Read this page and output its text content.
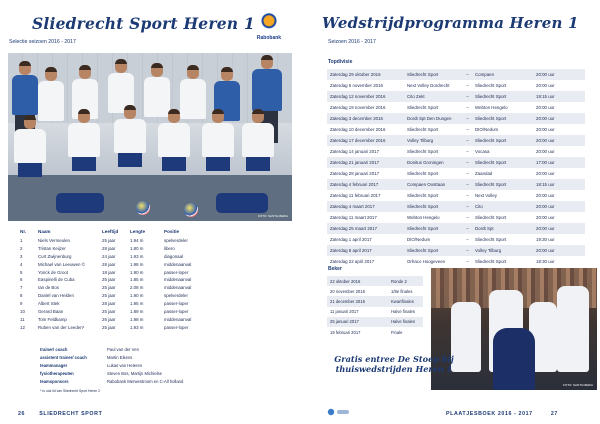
Sliedrecht Sport Heren 1
Selectie seizoen 2016 - 2017
Rabobank
FOTO: SANTA MEDIA
Nr.	Naam	Leeftijd	Lengte	Positie
1	Niels Vermeulen	25 jaar	1.94 m	spelverdeler
2	Tristan Keijzer	28 jaar	1.80 m	libero
3	Curt Zwijnenburg	24 jaar	1.93 m	diagonaal
4	Michael van Leeuwen ©	28 jaar	1.98 m	middenaanval
5	Yorick de Groot	18 jaar	1.90 m	passer-loper
6	Easpinelli de Cuba	25 jaar	1.85 m	middenaanval
7	Ian de Bos	25 jaar	2.08 m	middenaanval
8	Daniël van Helden	25 jaar	1.90 m	spelverdeler
9	Albert Stek	28 jaar	1.95 m	passer-loper
10	Gerard Baan	25 jaar	1.89 m	passer-loper
11	Tom Feldkamp	26 jaar	1.98 m	middenaanval
12	Ruben van der Leeden*	25 jaar	1.93 m	passer-loper
trainer/ coach	Paul van der Ven
assistent trainer/ coach	Martin Eikens
teammanager	Lukas van Heteren
fysiotherapeuten	Steven Bos, Martijn Michielse
teamsponsors	Rabobank Merwestroom en C-All holland
* Is ook lid van Sliedrecht Sport Heren 2
26	SLIEDRECHT SPORT
Wedstrijdprogramma Heren 1
Seizoen 2016 - 2017
Topdivisie
Zaterdag 29 oktober 2016	Sliedrecht Sport	–	Compaen	20:00 uur
Zaterdag 5 november 2016	Next Volley Dordrecht	–	Sliedrecht Sport	20:00 uur
Zaterdag 12 november 2016	Cito Zekt	–	Sliedrecht Sport	19:15 uur
Zaterdag 19 november 2016	Sliedrecht Sport	–	Webton Hengelo	20:00 uur
Zaterdag 3 december 2016	Dordt Spt Den Dungen	–	Sliedrecht Sport	20:00 uur
Zaterdag 10 december 2016	Sliedrecht Sport	–	DIO/Nedum	20:00 uur
Zaterdag 17 december 2016	Volley Tilburg	–	Sliedrecht Sport	20:00 uur
Zaterdag 14 januari 2017	Sliedrecht Sport	–	Vocasa	20:00 uur
Zaterdag 21 januari 2017	Donitus Groningen	–	Sliedrecht Sport	17:00 uur
Zaterdag 28 januari 2017	Sliedrecht Sport	–	Zaandad	20:00 uur
Zaterdag 4 februari 2017	Compaen Oosttaan	–	Sliedrecht Sport	18:15 uur
Zaterdag 11 februari 2017	Sliedrecht Sport	–	Next Volley	20:00 uur
Zaterdag 4 maart 2017	Sliedrecht Sport	–	Cito	20:00 uur
Zaterdag 11 maart 2017	Webton Hengelo	–	Sliedrecht Sport	20:00 uur
Zaterdag 25 maart 2017	Sliedrecht Sport	–	Dordt Spt	20:00 uur
Zaterdag 1 april 2017	DIO/Nedum	–	Sliedrecht Sport	19:30 uur
Zaterdag 8 april 2017	Sliedrecht Sport	–	Volley Tilburg	20:00 uur
Zaterdag 22 april 2017	Orhaco Hoogeveen	–	Sliedrecht Sport	18:30 uur
Beker
22 oktober 2016	Ronde 2
20 november 2016	1/8e finales
21 december 2016	Kwartfinales
11 januari 2017	Halve finales
25 januari 2017	Halve finales
19 februari 2017	Finale
FOTO: SANTA MEDIA
Gratis entree De Stoep bij
thuiswedstrijden Heren 1
PLAATJESBOEK 2016 - 2017	27
